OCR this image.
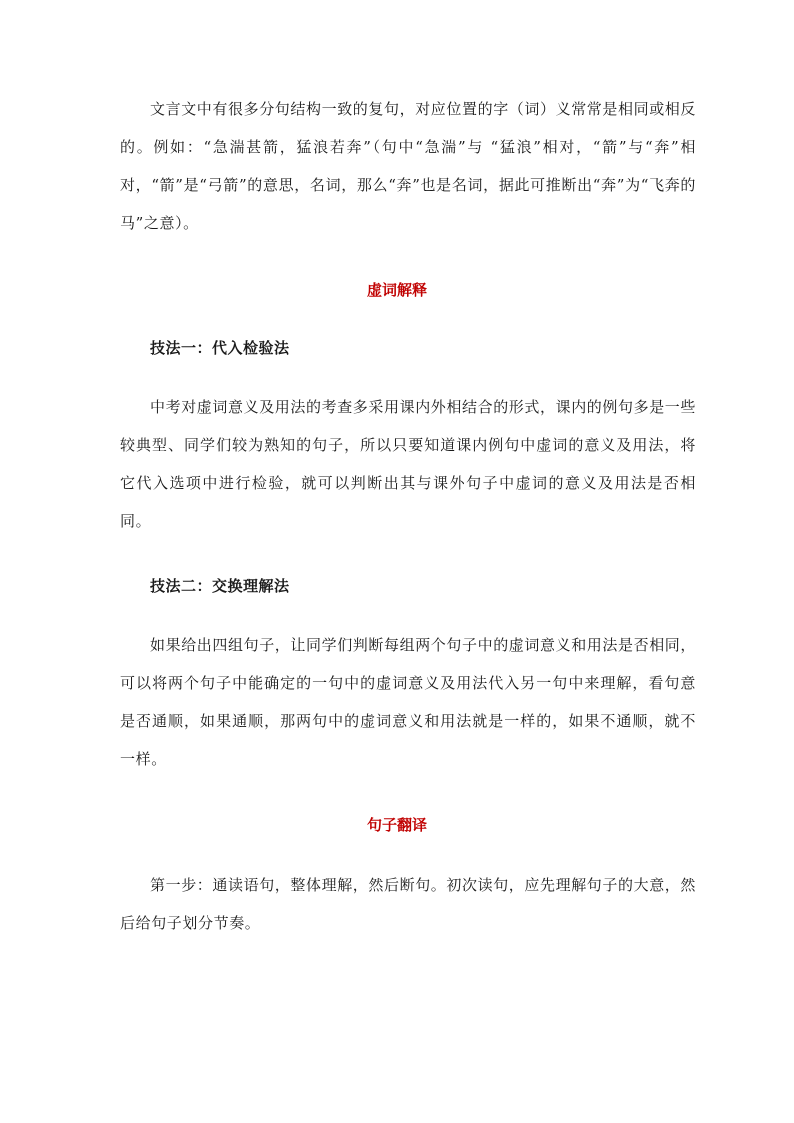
文言文中有很多分句结构一致的复句，对应位置的字（词）义常常是相同或相反的。例如：“急湍甚箭，猛浪若奔”（句中“急湍”与 “猛浪”相对，“箭”与“奔”相对，“箭”是“弓箭”的意思，名词，那么“奔”也是名词，据此可推断出“奔”为“飞奔的马”之意）。

虚词解释
技法一：代入检验法

中考对虚词意义及用法的考查多采用课内外相结合的形式，课内的例句多是一些较典型、同学们较为熟知的句子，所以只要知道课内例句中虚词的意义及用法，将它代入选项中进行检验，就可以判断出其与课外句子中虚词的意义及用法是否相同。

技法二：交换理解法

如果给出四组句子，让同学们判断每组两个句子中的虚词意义和用法是否相同，可以将两个句子中能确定的一句中的虚词意义及用法代入另一句中来理解，看句意是否通顺，如果通顺，那两句中的虚词意义和用法就是一样的，如果不通顺，就不一样。

句子翻译

第一步：通读语句，整体理解，然后断句。初次读句，应先理解句子的大意，然后给句子划分节奏。
